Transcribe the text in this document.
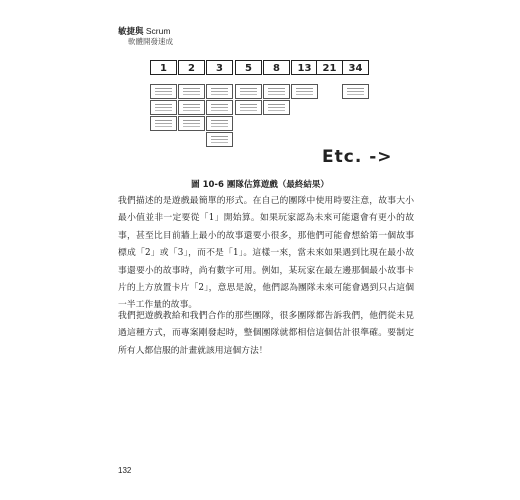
敏捷與 Scrum
軟體開發速成
1	2	3	5	8	13	21	34
Etc. ->
圖 10-6 團隊估算遊戲（最終結果）

我們描述的是遊戲最簡單的形式。在自己的團隊中使用時要注意，故事大小最小值並非一定要從「1」開始算。如果玩家認為未來可能還會有更小的故事，甚至比目前牆上最小的故事還要小很多，那他們可能會想給第一個故事標成「2」或「3」，而不是「1」。這樣一來，當未來如果遇到比現在最小故事還要小的故事時，尚有數字可用。例如，某玩家在最左邊那個最小故事卡片的上方放置卡片「2」，意思是說，他們認為團隊未來可能會遇到只占這個一半工作量的故事。

我們把遊戲教給和我們合作的那些團隊，很多團隊都告訴我們，他們從未見過這種方式，而專案剛發起時，整個團隊就都相信這個估計很準確。要制定所有人都信服的計畫就該用這個方法！

132
